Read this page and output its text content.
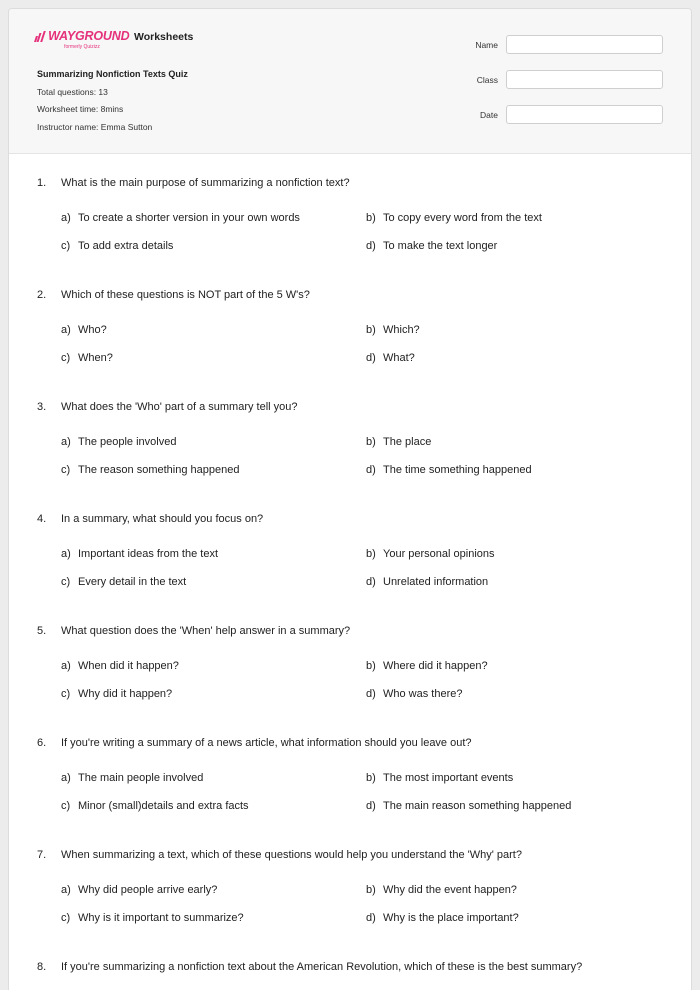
WAYGROUND
formerly Quizizz
Worksheets
Summarizing Nonfiction Texts Quiz
Total questions: 13
Worksheet time: 8mins
Instructor name: Emma Sutton
Name
Class
Date
1. What is the main purpose of summarizing a nonfiction text?
a) To create a shorter version in your own words	b) To copy every word from the text
c) To add extra details	d) To make the text longer
2. Which of these questions is NOT part of the 5 W's?
a) Who?	b) Which?
c) When?	d) What?
3. What does the 'Who' part of a summary tell you?
a) The people involved	b) The place
c) The reason something happened	d) The time something happened
4. In a summary, what should you focus on?
a) Important ideas from the text	b) Your personal opinions
c) Every detail in the text	d) Unrelated information
5. What question does the 'When' help answer in a summary?
a) When did it happen?	b) Where did it happen?
c) Why did it happen?	d) Who was there?
6. If you're writing a summary of a news article, what information should you leave out?
a) The main people involved	b) The most important events
c) Minor (small)details and extra facts	d) The main reason something happened
7. When summarizing a text, which of these questions would help you understand the 'Why' part?
a) Why did people arrive early?	b) Why did the event happen?
c) Why is it important to summarize?	d) Why is the place important?
8. If you're summarizing a nonfiction text about the American Revolution, which of these is the best summary?
